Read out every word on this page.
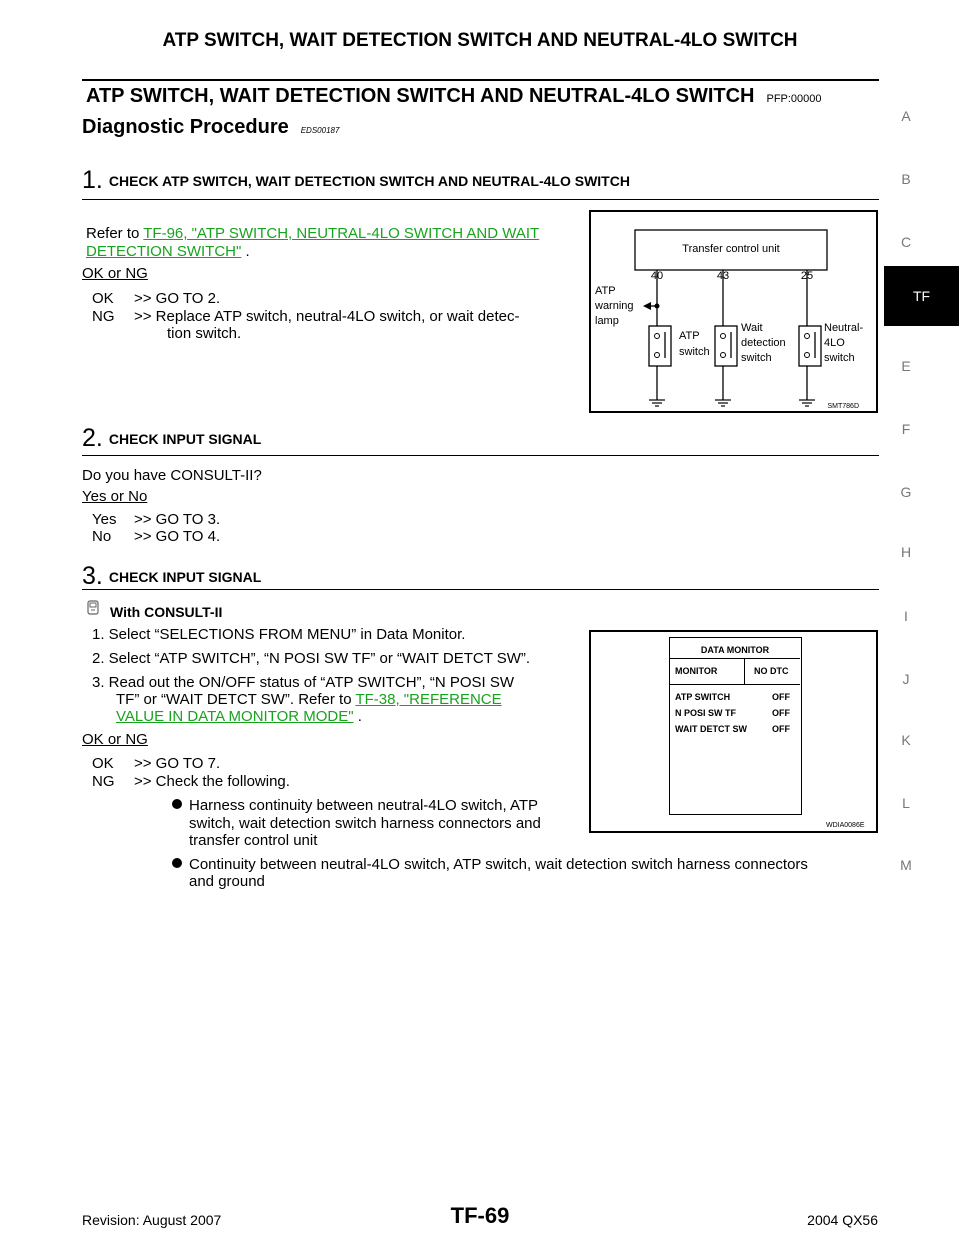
ATP SWITCH, WAIT DETECTION SWITCH AND NEUTRAL-4LO SWITCH
ATP SWITCH, WAIT DETECTION SWITCH AND NEUTRAL-4LO SWITCH PFP:00000
Diagnostic Procedure EDS00187
1. CHECK ATP SWITCH, WAIT DETECTION SWITCH AND NEUTRAL-4LO SWITCH
Refer to TF-96, "ATP SWITCH, NEUTRAL-4LO SWITCH AND WAIT
DETECTION SWITCH" .
OK or NG
OK >> GO TO 2.
NG >> Replace ATP switch, neutral-4LO switch, or wait detec-
tion switch.
Transfer control unit
40	43	25
ATP
warning
lamp
ATP
switch
Wait
detection
switch
Neutral-
4LO
switch
SMT786D
2. CHECK INPUT SIGNAL
Do you have CONSULT-II?
Yes or No
Yes >> GO TO 3.
No >> GO TO 4.
3. CHECK INPUT SIGNAL
With CONSULT-II
1. Select “SELECTIONS FROM MENU” in Data Monitor.
2. Select “ATP SWITCH”, “N POSI SW TF” or “WAIT DETCT SW”.
3. Read out the ON/OFF status of “ATP SWITCH”, “N POSI SW
TF” or “WAIT DETCT SW”. Refer to TF-38, "REFERENCE
VALUE IN DATA MONITOR MODE" .
OK or NG
OK >> GO TO 7.
NG >> Check the following.
Harness continuity between neutral-4LO switch, ATP
switch, wait detection switch harness connectors and
transfer control unit
Continuity between neutral-4LO switch, ATP switch, wait detection switch harness connectors
and ground
DATA MONITOR
MONITOR	NO DTC
ATP SWITCH	OFF
N POSI SW TF	OFF
WAIT DETCT SW	OFF
WDIA0086E
A
B
C
TF
E
F
G
H
I
J
K
L
M
Revision: August 2007	TF-69	2004 QX56
